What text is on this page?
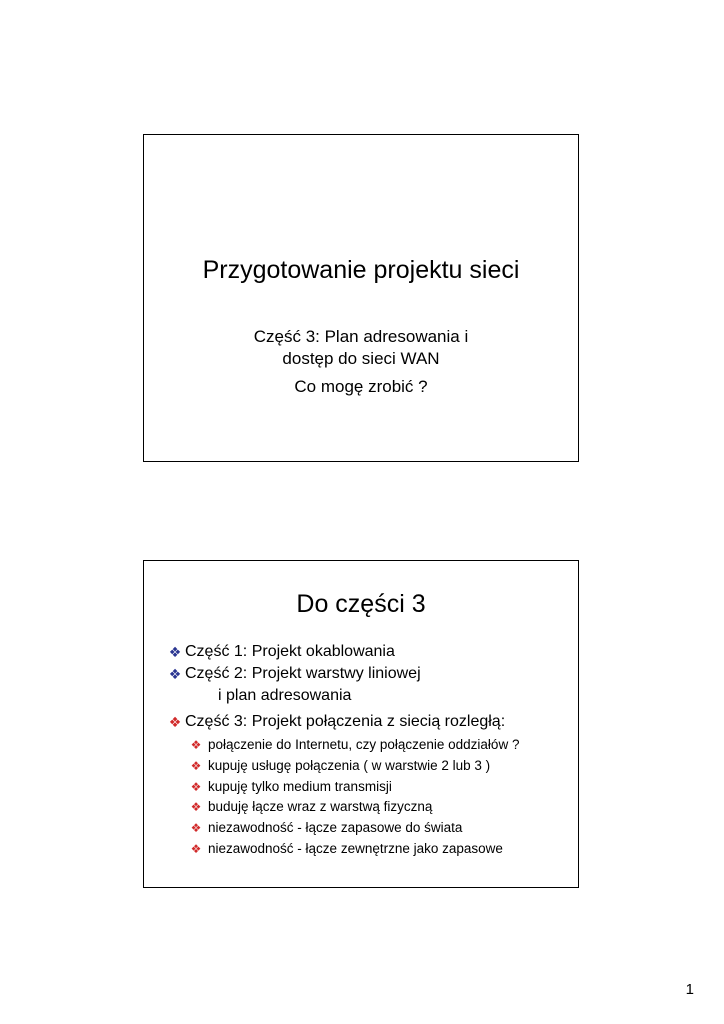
Przygotowanie projektu sieci
Część 3: Plan adresowania i
dostęp do sieci WAN
Co mogę zrobić ?
Do części 3
❖ Część 1: Projekt okablowania
❖ Część 2: Projekt warstwy liniowej
i plan adresowania
❖ Część 3: Projekt połączenia z siecią rozległą:
❖ połączenie do Internetu, czy połączenie oddziałów ?
❖ kupuję usługę połączenia ( w warstwie 2 lub 3 )
❖ kupuję tylko medium transmisji
❖ buduję łącze wraz z warstwą fizyczną
❖ niezawodność - łącze zapasowe do świata
❖ niezawodność - łącze zewnętrzne jako zapasowe
1
